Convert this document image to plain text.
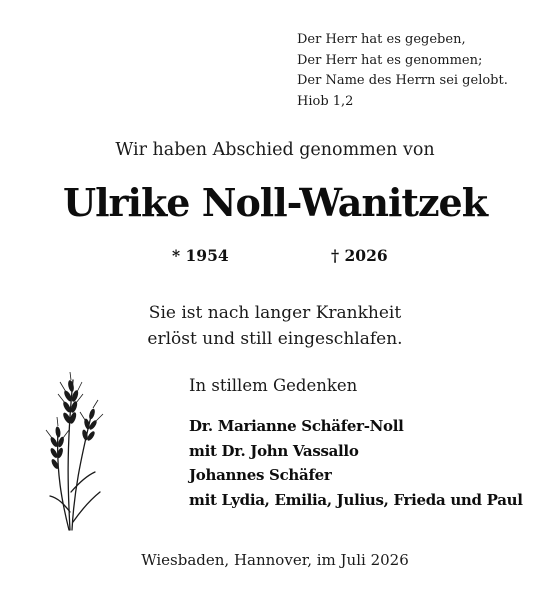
Der Herr hat es gegeben,
Der Herr hat es genommen;
Der Name des Herrn sei gelobt.
Hiob 1,2
Wir haben Abschied genommen von
Ulrike Noll-Wanitzek
* 1954	† 2026
Sie ist nach langer Krankheit
erlöst und still eingeschlafen.
In stillem Gedenken
Dr. Marianne Schäfer-Noll
mit Dr. John Vassallo
Johannes Schäfer
mit Lydia, Emilia, Julius, Frieda und Paul
Wiesbaden, Hannover, im Juli 2026
